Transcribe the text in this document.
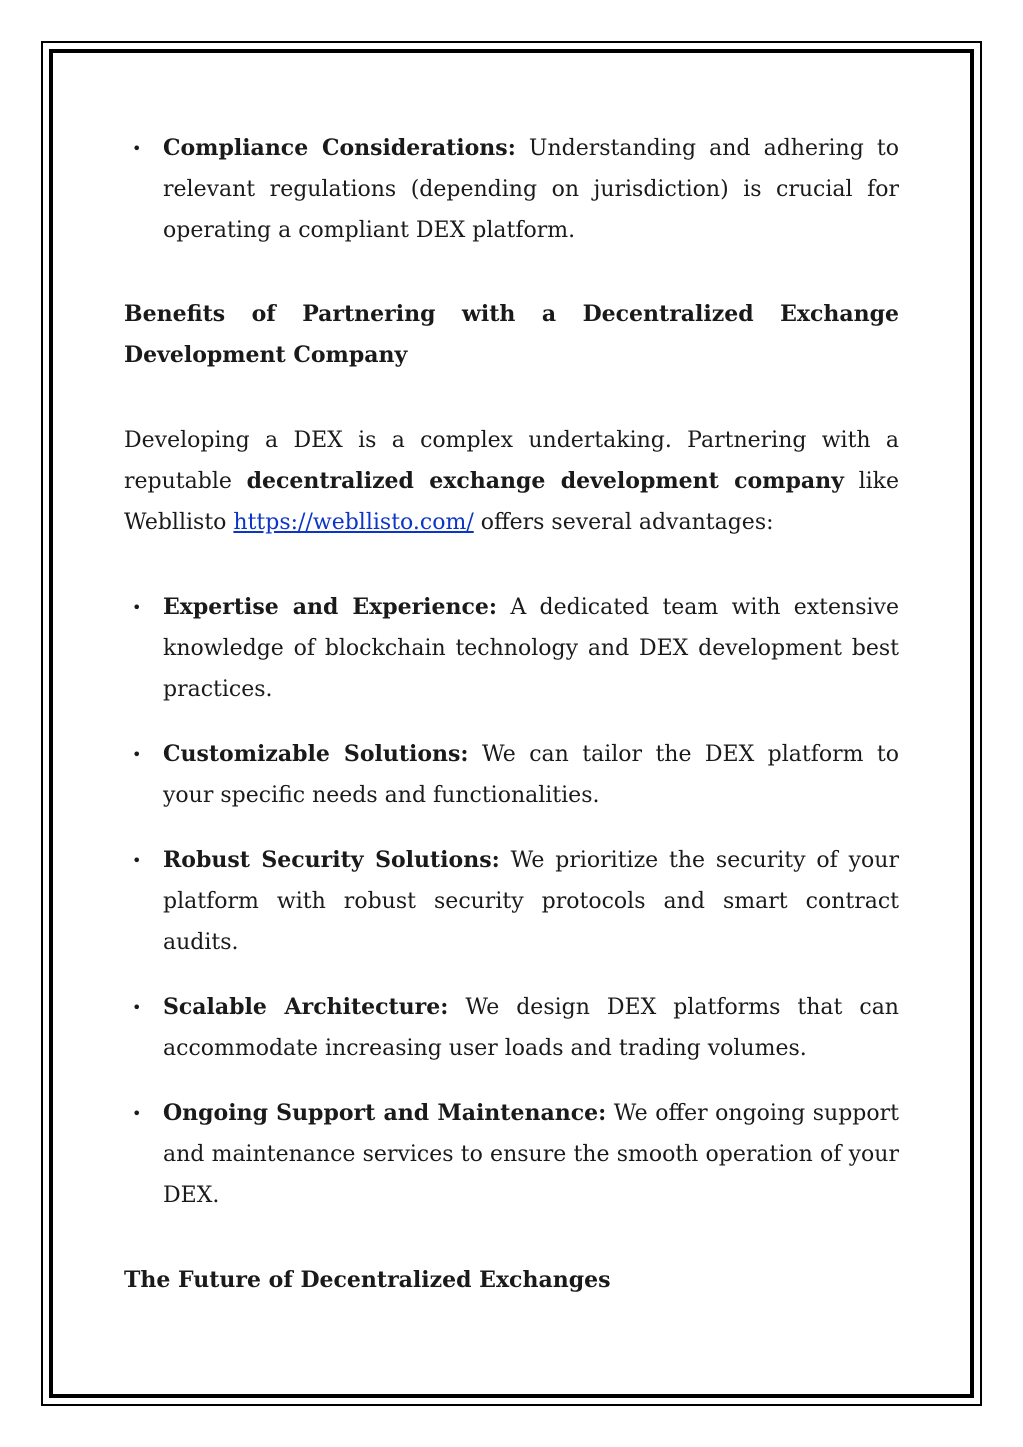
• Compliance Considerations: Understanding and adhering to relevant regulations (depending on jurisdiction) is crucial for operating a compliant DEX platform.

Benefits of Partnering with a Decentralized Exchange Development Company

Developing a DEX is a complex undertaking. Partnering with a reputable decentralized exchange development company like Webllisto https://webllisto.com/ offers several advantages:

• Expertise and Experience: A dedicated team with extensive knowledge of blockchain technology and DEX development best practices.

• Customizable Solutions: We can tailor the DEX platform to your specific needs and functionalities.

• Robust Security Solutions: We prioritize the security of your platform with robust security protocols and smart contract audits.

• Scalable Architecture: We design DEX platforms that can accommodate increasing user loads and trading volumes.

• Ongoing Support and Maintenance: We offer ongoing support and maintenance services to ensure the smooth operation of your DEX.

The Future of Decentralized Exchanges
